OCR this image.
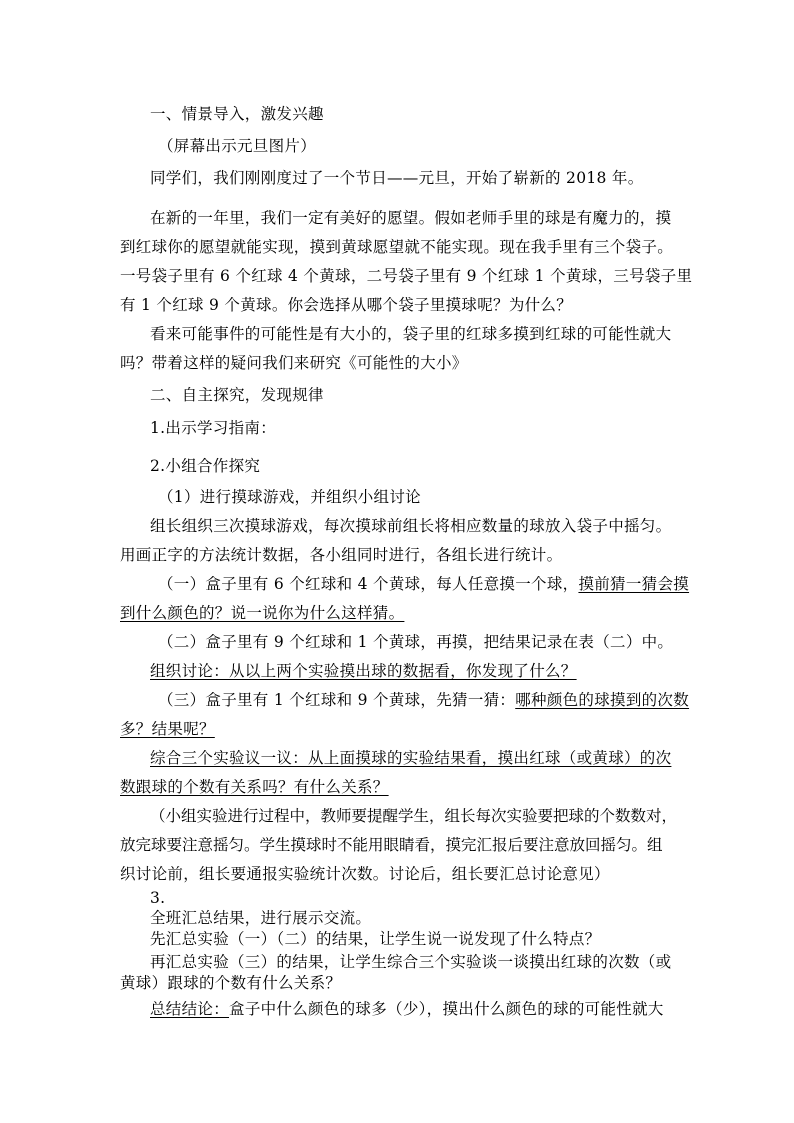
一、情景导入，激发兴趣
（屏幕出示元旦图片）
同学们，我们刚刚度过了一个节日——元旦，开始了崭新的 2018 年。
在新的一年里，我们一定有美好的愿望。假如老师手里的球是有魔力的，摸
到红球你的愿望就能实现，摸到黄球愿望就不能实现。现在我手里有三个袋子。
一号袋子里有 6 个红球 4 个黄球，二号袋子里有 9 个红球 1 个黄球，三号袋子里
有 1 个红球 9 个黄球。你会选择从哪个袋子里摸球呢？为什么？
看来可能事件的可能性是有大小的，袋子里的红球多摸到红球的可能性就大
吗？带着这样的疑问我们来研究《可能性的大小》
二、自主探究，发现规律
1.出示学习指南：
2.小组合作探究
（1）进行摸球游戏，并组织小组讨论
组长组织三次摸球游戏，每次摸球前组长将相应数量的球放入袋子中摇匀。
用画正字的方法统计数据，各小组同时进行，各组长进行统计。
（一）盒子里有 6 个红球和 4 个黄球，每人任意摸一个球，摸前猜一猜会摸
到什么颜色的？说一说你为什么这样猜。
（二）盒子里有 9 个红球和 1 个黄球，再摸，把结果记录在表（二）中。
组织讨论：从以上两个实验摸出球的数据看，你发现了什么？
（三）盒子里有 1 个红球和 9 个黄球，先猜一猜：哪种颜色的球摸到的次数
多？结果呢？
综合三个实验议一议：从上面摸球的实验结果看，摸出红球（或黄球）的次
数跟球的个数有关系吗？有什么关系？
（小组实验进行过程中，教师要提醒学生，组长每次实验要把球的个数数对，
放完球要注意摇匀。学生摸球时不能用眼睛看，摸完汇报后要注意放回摇匀。组
织讨论前，组长要通报实验统计次数。讨论后，组长要汇总讨论意见）
3.
全班汇总结果，进行展示交流。
先汇总实验（一）（二）的结果，让学生说一说发现了什么特点？
再汇总实验（三）的结果，让学生综合三个实验谈一谈摸出红球的次数（或
黄球）跟球的个数有什么关系？
总结结论：盒子中什么颜色的球多（少），摸出什么颜色的球的可能性就大
